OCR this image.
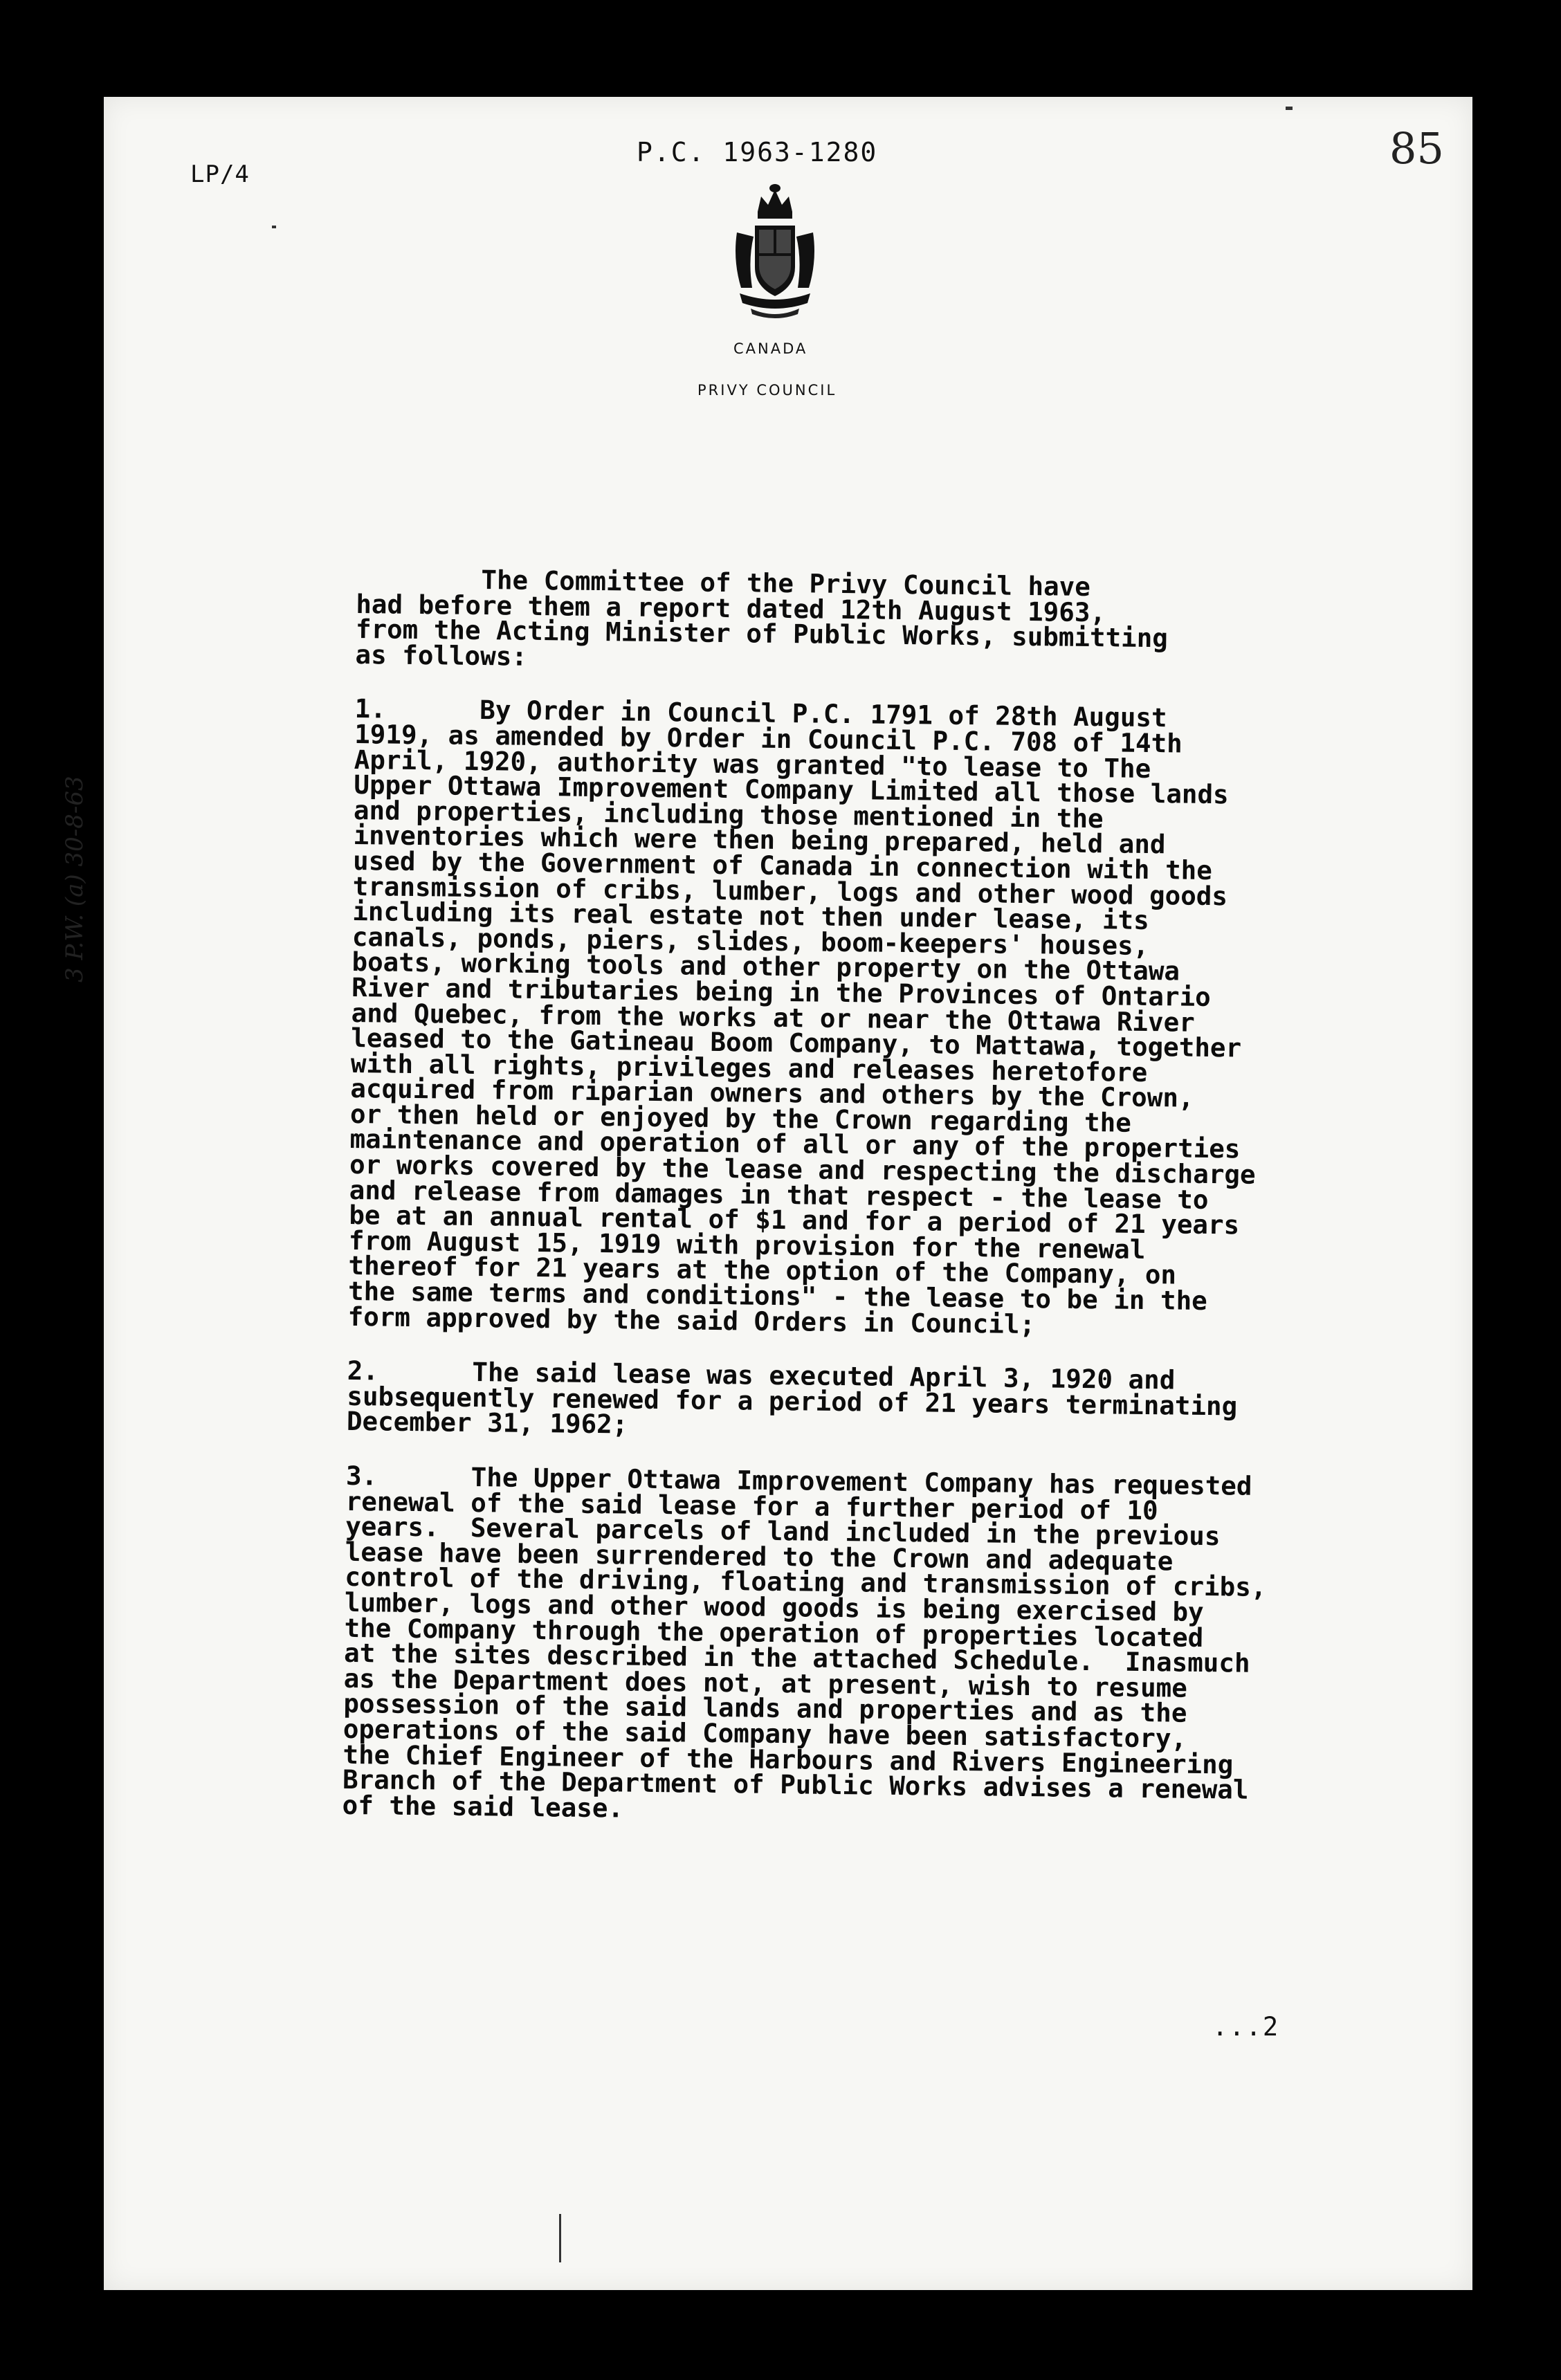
LP/4
P.C. 1963-1280	85
CANADA
PRIVY COUNCIL
3 P.W. (a) 30-8-63

The Committee of the Privy Council have
had before them a report dated 12th August 1963,
from the Acting Minister of Public Works, submitting
as follows:

1.      By Order in Council P.C. 1791 of 28th August
1919, as amended by Order in Council P.C. 708 of 14th
April, 1920, authority was granted "to lease to The
Upper Ottawa Improvement Company Limited all those lands
and properties, including those mentioned in the
inventories which were then being prepared, held and
used by the Government of Canada in connection with the
transmission of cribs, lumber, logs and other wood goods
including its real estate not then under lease, its
canals, ponds, piers, slides, boom-keepers' houses,
boats, working tools and other property on the Ottawa
River and tributaries being in the Provinces of Ontario
and Quebec, from the works at or near the Ottawa River
leased to the Gatineau Boom Company, to Mattawa, together
with all rights, privileges and releases heretofore
acquired from riparian owners and others by the Crown,
or then held or enjoyed by the Crown regarding the
maintenance and operation of all or any of the properties
or works covered by the lease and respecting the discharge
and release from damages in that respect - the lease to
be at an annual rental of $1 and for a period of 21 years
from August 15, 1919 with provision for the renewal
thereof for 21 years at the option of the Company, on
the same terms and conditions" - the lease to be in the
form approved by the said Orders in Council;

2.      The said lease was executed April 3, 1920 and
subsequently renewed for a period of 21 years terminating
December 31, 1962;

3.      The Upper Ottawa Improvement Company has requested
renewal of the said lease for a further period of 10
years.  Several parcels of land included in the previous
lease have been surrendered to the Crown and adequate
control of the driving, floating and transmission of cribs,
lumber, logs and other wood goods is being exercised by
the Company through the operation of properties located
at the sites described in the attached Schedule.  Inasmuch
as the Department does not, at present, wish to resume
possession of the said lands and properties and as the
operations of the said Company have been satisfactory,
the Chief Engineer of the Harbours and Rivers Engineering
Branch of the Department of Public Works advises a renewal
of the said lease.

...2
